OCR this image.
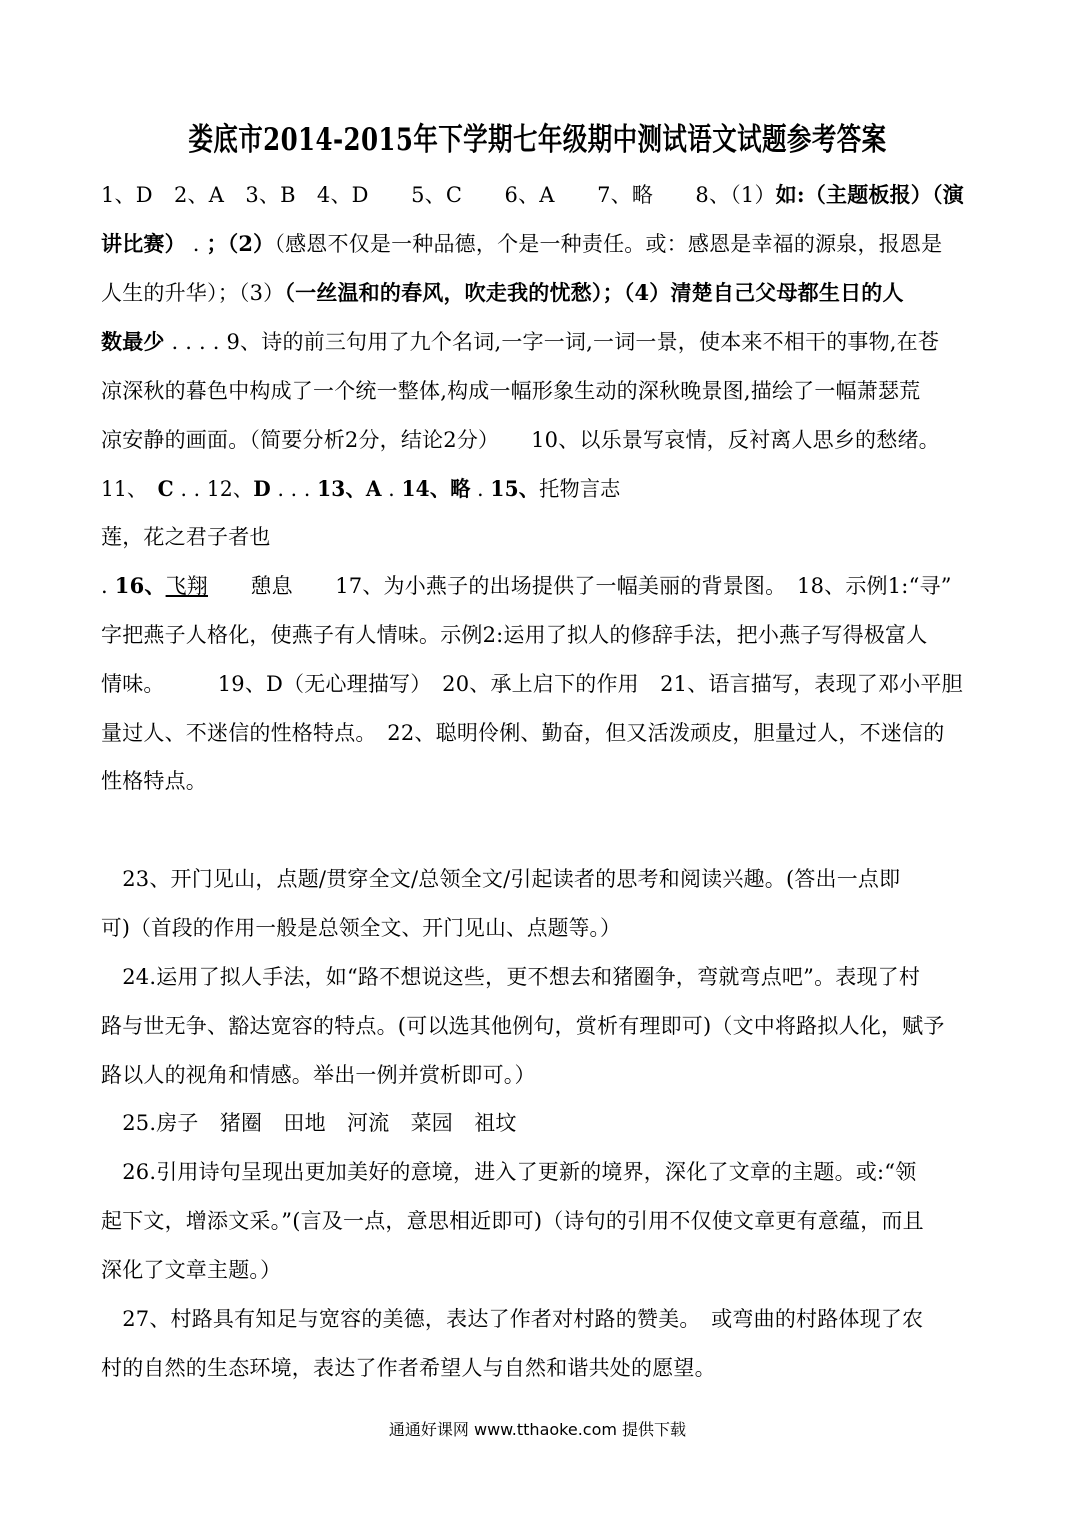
娄底市2014-2015年下学期七年级期中测试语文试题参考答案
1、D　2、A　3、B　4、D　　5、C　　6、A　　7、略　　8、（1）如:（主题板报）（演
讲比赛） . ；（2）（感恩不仅是一种品德，个是一种责任。或：感恩是幸福的源泉，报恩是
人生的升华）；（3）（一丝温和的春风，吹走我的忧愁）；（4）清楚自己父母都生日的人
数最少 . . . . 9、诗的前三句用了九个名词,一字一词,一词一景，使本来不相干的事物,在苍
凉深秋的暮色中构成了一个统一整体,构成一幅形象生动的深秋晚景图,描绘了一幅萧瑟荒
凉安静的画面。（简要分析2分，结论2分）　　10、以乐景写哀情，反衬离人思乡的愁绪。
11、　C . . 12、D . . . 13、A . 14、略 . 15、托物言志
莲，花之君子者也
. 16、飞翔　　憩息　　17、为小燕子的出场提供了一幅美丽的背景图。　18、示例1:“寻”
字把燕子人格化，使燕子有人情味。示例2:运用了拟人的修辞手法，把小燕子写得极富人
情味。　　　19、D（无心理描写）　20、承上启下的作用　21、语言描写，表现了邓小平胆
量过人、不迷信的性格特点。　22、聪明伶俐、勤奋，但又活泼顽皮，胆量过人，不迷信的
性格特点。
　23、开门见山，点题/贯穿全文/总领全文/引起读者的思考和阅读兴趣。(答出一点即
可)（首段的作用一般是总领全文、开门见山、点题等。）
　24.运用了拟人手法，如“路不想说这些，更不想去和猪圈争，弯就弯点吧”。表现了村
路与世无争、豁达宽容的特点。(可以选其他例句，赏析有理即可)（文中将路拟人化，赋予
路以人的视角和情感。举出一例并赏析即可。）
　25.房子　猪圈　田地　河流　菜园　祖坟
　26.引用诗句呈现出更加美好的意境，进入了更新的境界，深化了文章的主题。或:“领
起下文，增添文采。”(言及一点，意思相近即可)（诗句的引用不仅使文章更有意蕴，而且
深化了文章主题。）
　27、村路具有知足与宽容的美德，表达了作者对村路的赞美。　或弯曲的村路体现了农
村的自然的生态环境，表达了作者希望人与自然和谐共处的愿望。
通通好课网 www.tthaoke.com 提供下载
